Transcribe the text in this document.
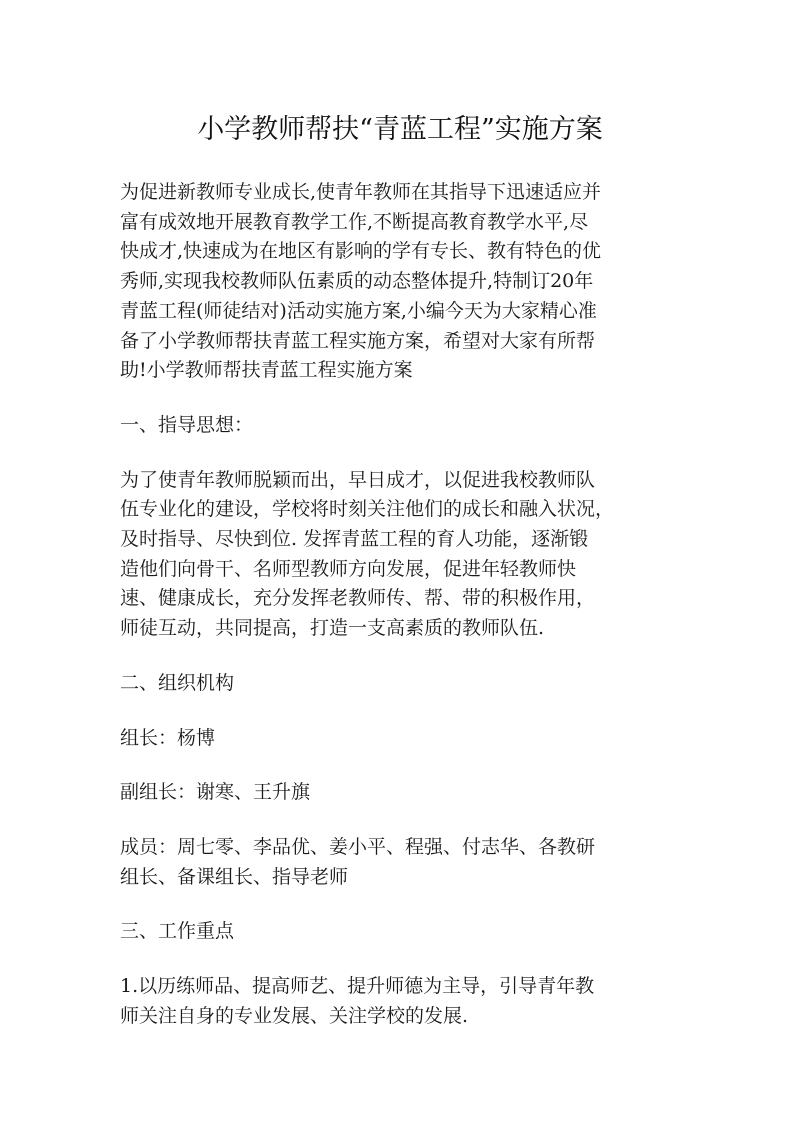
小学教师帮扶“青蓝工程”实施方案

为促进新教师专业成长,使青年教师在其指导下迅速适应并
富有成效地开展教育教学工作,不断提高教育教学水平,尽
快成才,快速成为在地区有影响的学有专长、教有特色的优
秀师,实现我校教师队伍素质的动态整体提升,特制订20年
青蓝工程(师徒结对)活动实施方案,小编今天为大家精心准
备了小学教师帮扶青蓝工程实施方案，希望对大家有所帮
助!小学教师帮扶青蓝工程实施方案

一、指导思想：

为了使青年教师脱颖而出，早日成才，以促进我校教师队
伍专业化的建设，学校将时刻关注他们的成长和融入状况，
及时指导、尽快到位. 发挥青蓝工程的育人功能，逐渐锻
造他们向骨干、名师型教师方向发展，促进年轻教师快
速、健康成长，充分发挥老教师传、帮、带的积极作用，
师徒互动，共同提高，打造一支高素质的教师队伍.

二、组织机构

组长：杨博

副组长：谢寒、王升旗

成员：周七零、李品优、姜小平、程强、付志华、各教研
组长、备课组长、指导老师

三、工作重点

1.以历练师品、提高师艺、提升师德为主导，引导青年教
师关注自身的专业发展、关注学校的发展.
